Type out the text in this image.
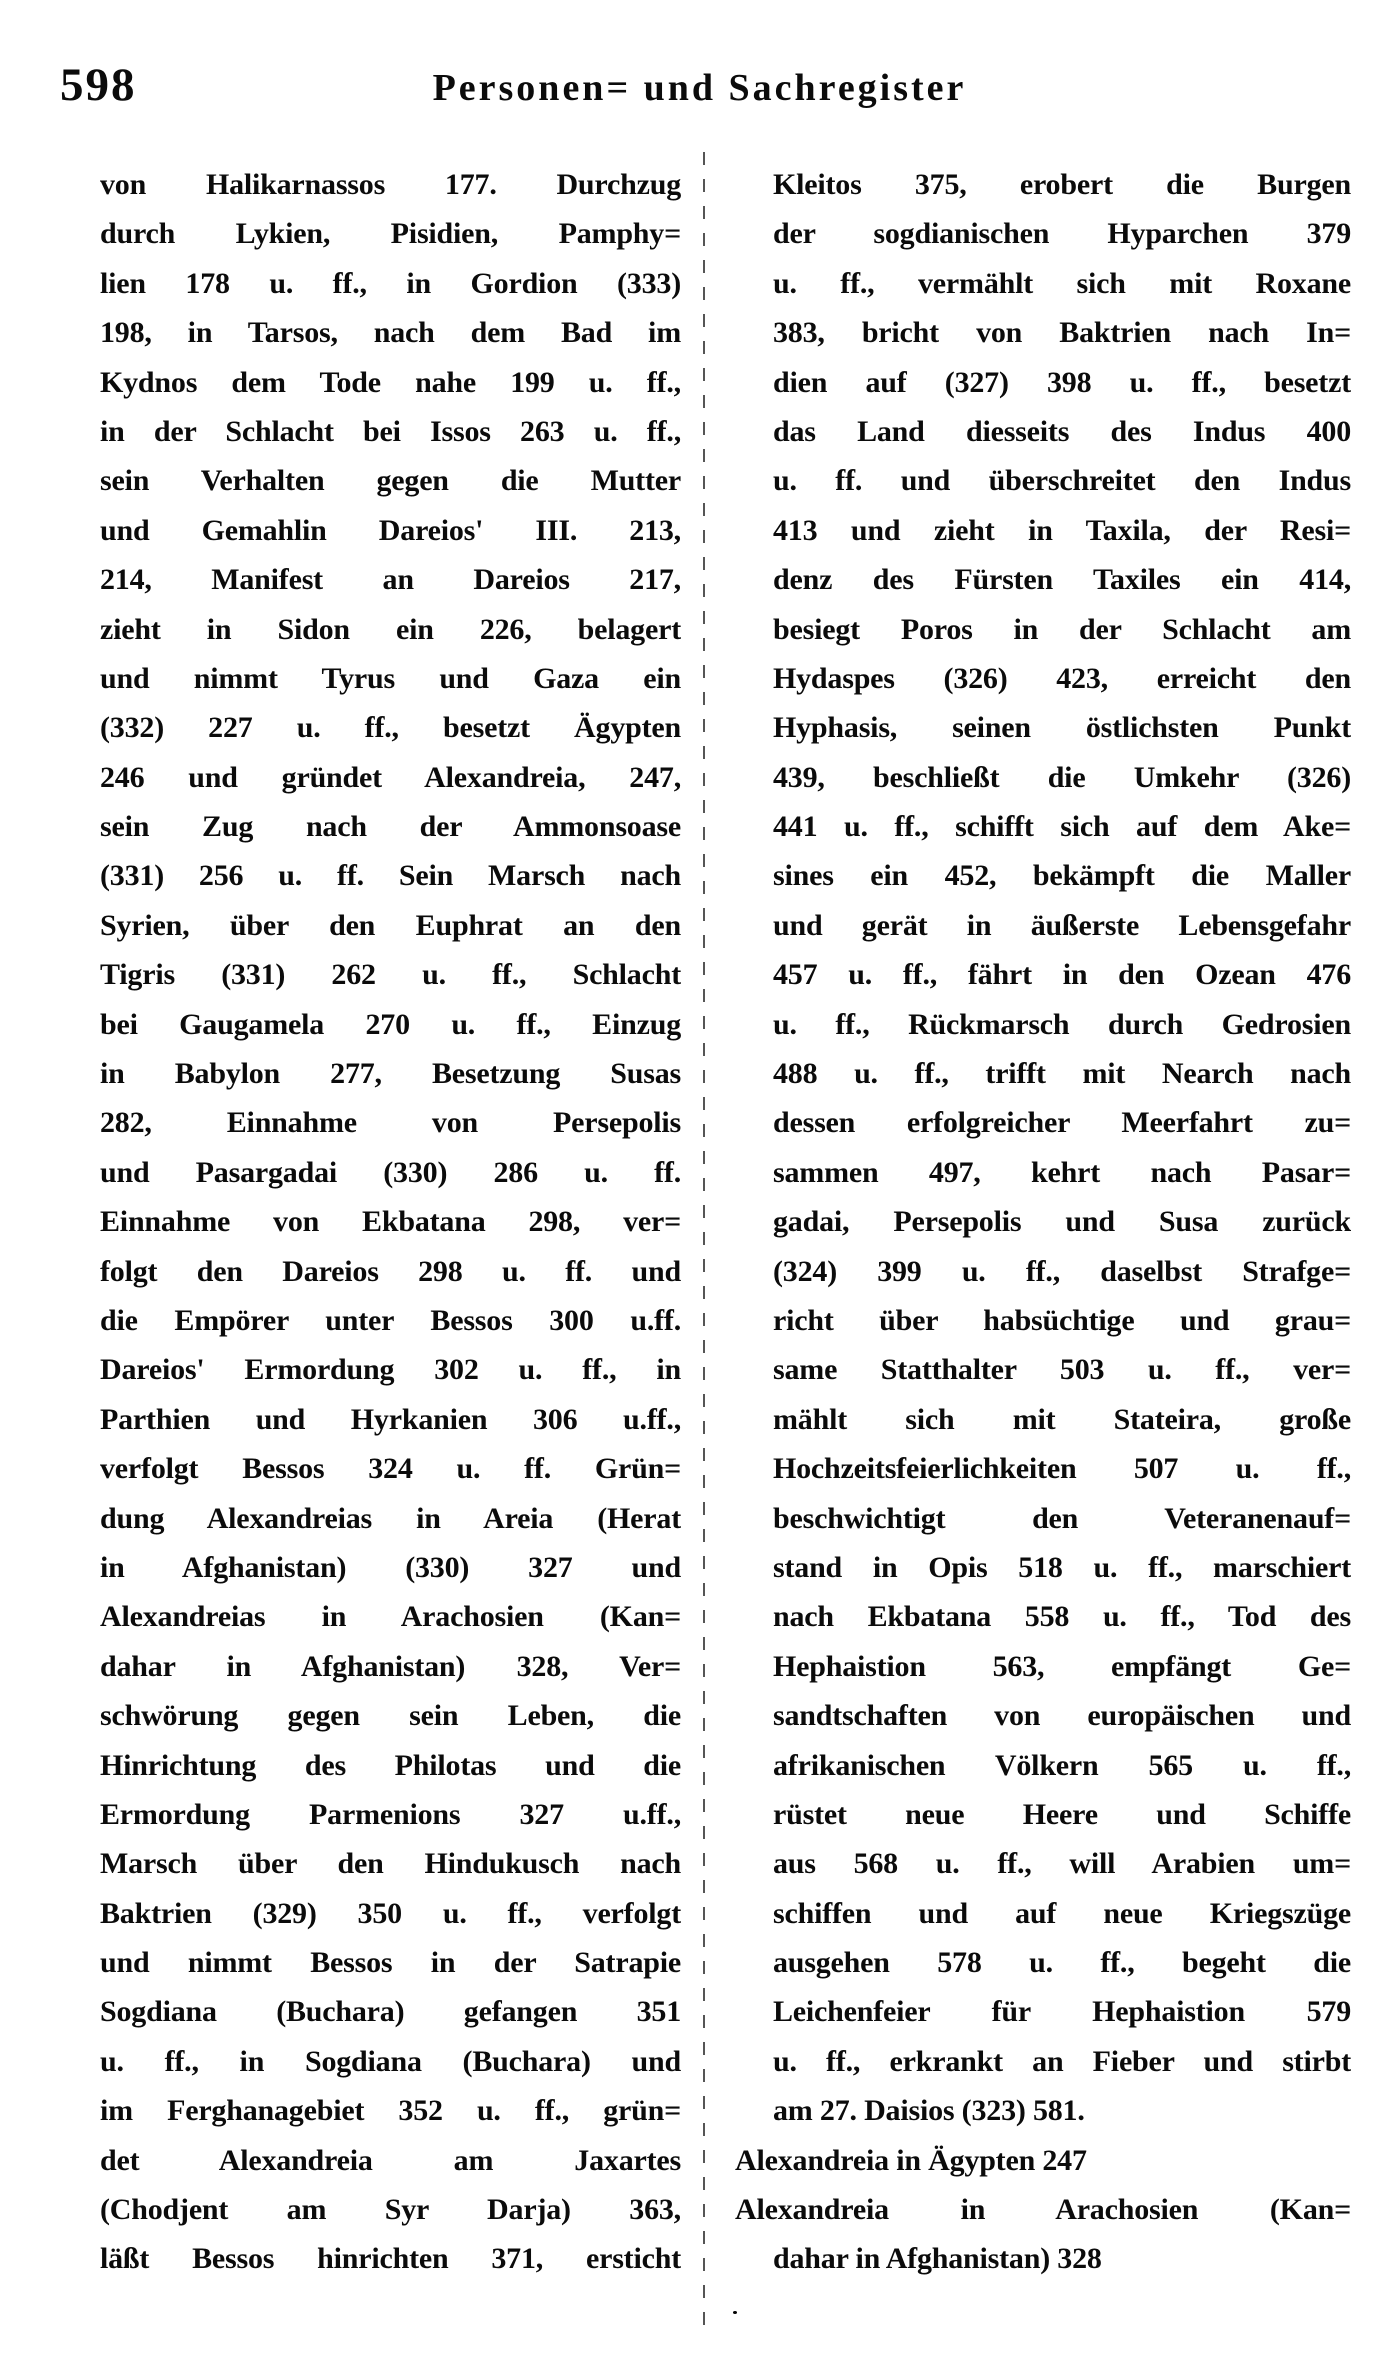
598	Personen= und Sachregister
von Halikarnassos 177. Durchzug
durch Lykien, Pisidien, Pamphy=
lien 178 u. ff., in Gordion (333)
198, in Tarsos, nach dem Bad im
Kydnos dem Tode nahe 199 u. ff.,
in der Schlacht bei Issos 263 u. ff.,
sein Verhalten gegen die Mutter
und Gemahlin Dareios' III. 213,
214, Manifest an Dareios 217,
zieht in Sidon ein 226, belagert
und nimmt Tyrus und Gaza ein
(332) 227 u. ff., besetzt Ägypten
246 und gründet Alexandreia, 247,
sein Zug nach der Ammonsoase
(331) 256 u. ff. Sein Marsch nach
Syrien, über den Euphrat an den
Tigris (331) 262 u. ff., Schlacht
bei Gaugamela 270 u. ff., Einzug
in Babylon 277, Besetzung Susas
282, Einnahme von Persepolis
und Pasargadai (330) 286 u. ff.
Einnahme von Ekbatana 298, ver=
folgt den Dareios 298 u. ff. und
die Empörer unter Bessos 300 u.ff.
Dareios' Ermordung 302 u. ff., in
Parthien und Hyrkanien 306 u.ff.,
verfolgt Bessos 324 u. ff. Grün=
dung Alexandreias in Areia (Herat
in Afghanistan) (330) 327 und
Alexandreias in Arachosien (Kan=
dahar in Afghanistan) 328, Ver=
schwörung gegen sein Leben, die
Hinrichtung des Philotas und die
Ermordung Parmenions 327 u.ff.,
Marsch über den Hindukusch nach
Baktrien (329) 350 u. ff., verfolgt
und nimmt Bessos in der Satrapie
Sogdiana (Buchara) gefangen 351
u. ff., in Sogdiana (Buchara) und
im Ferghanagebiet 352 u. ff., grün=
det Alexandreia am Jaxartes
(Chodjent am Syr Darja) 363,
läßt Bessos hinrichten 371, ersticht
Kleitos 375, erobert die Burgen
der sogdianischen Hyparchen 379
u. ff., vermählt sich mit Roxane
383, bricht von Baktrien nach In=
dien auf (327) 398 u. ff., besetzt
das Land diesseits des Indus 400
u. ff. und überschreitet den Indus
413 und zieht in Taxila, der Resi=
denz des Fürsten Taxiles ein 414,
besiegt Poros in der Schlacht am
Hydaspes (326) 423, erreicht den
Hyphasis, seinen östlichsten Punkt
439, beschließt die Umkehr (326)
441 u. ff., schifft sich auf dem Ake=
sines ein 452, bekämpft die Maller
und gerät in äußerste Lebensgefahr
457 u. ff., fährt in den Ozean 476
u. ff., Rückmarsch durch Gedrosien
488 u. ff., trifft mit Nearch nach
dessen erfolgreicher Meerfahrt zu=
sammen 497, kehrt nach Pasar=
gadai, Persepolis und Susa zurück
(324) 399 u. ff., daselbst Strafge=
richt über habsüchtige und grau=
same Statthalter 503 u. ff., ver=
mählt sich mit Stateira, große
Hochzeitsfeierlichkeiten 507 u. ff.,
beschwichtigt den Veteranenauf=
stand in Opis 518 u. ff., marschiert
nach Ekbatana 558 u. ff., Tod des
Hephaistion 563, empfängt Ge=
sandtschaften von europäischen und
afrikanischen Völkern 565 u. ff.,
rüstet neue Heere und Schiffe
aus 568 u. ff., will Arabien um=
schiffen und auf neue Kriegszüge
ausgehen 578 u. ff., begeht die
Leichenfeier für Hephaistion 579
u. ff., erkrankt an Fieber und stirbt
am 27. Daisios (323) 581.
Alexandreia in Ägypten 247
Alexandreia in Arachosien (Kan=
dahar in Afghanistan) 328
